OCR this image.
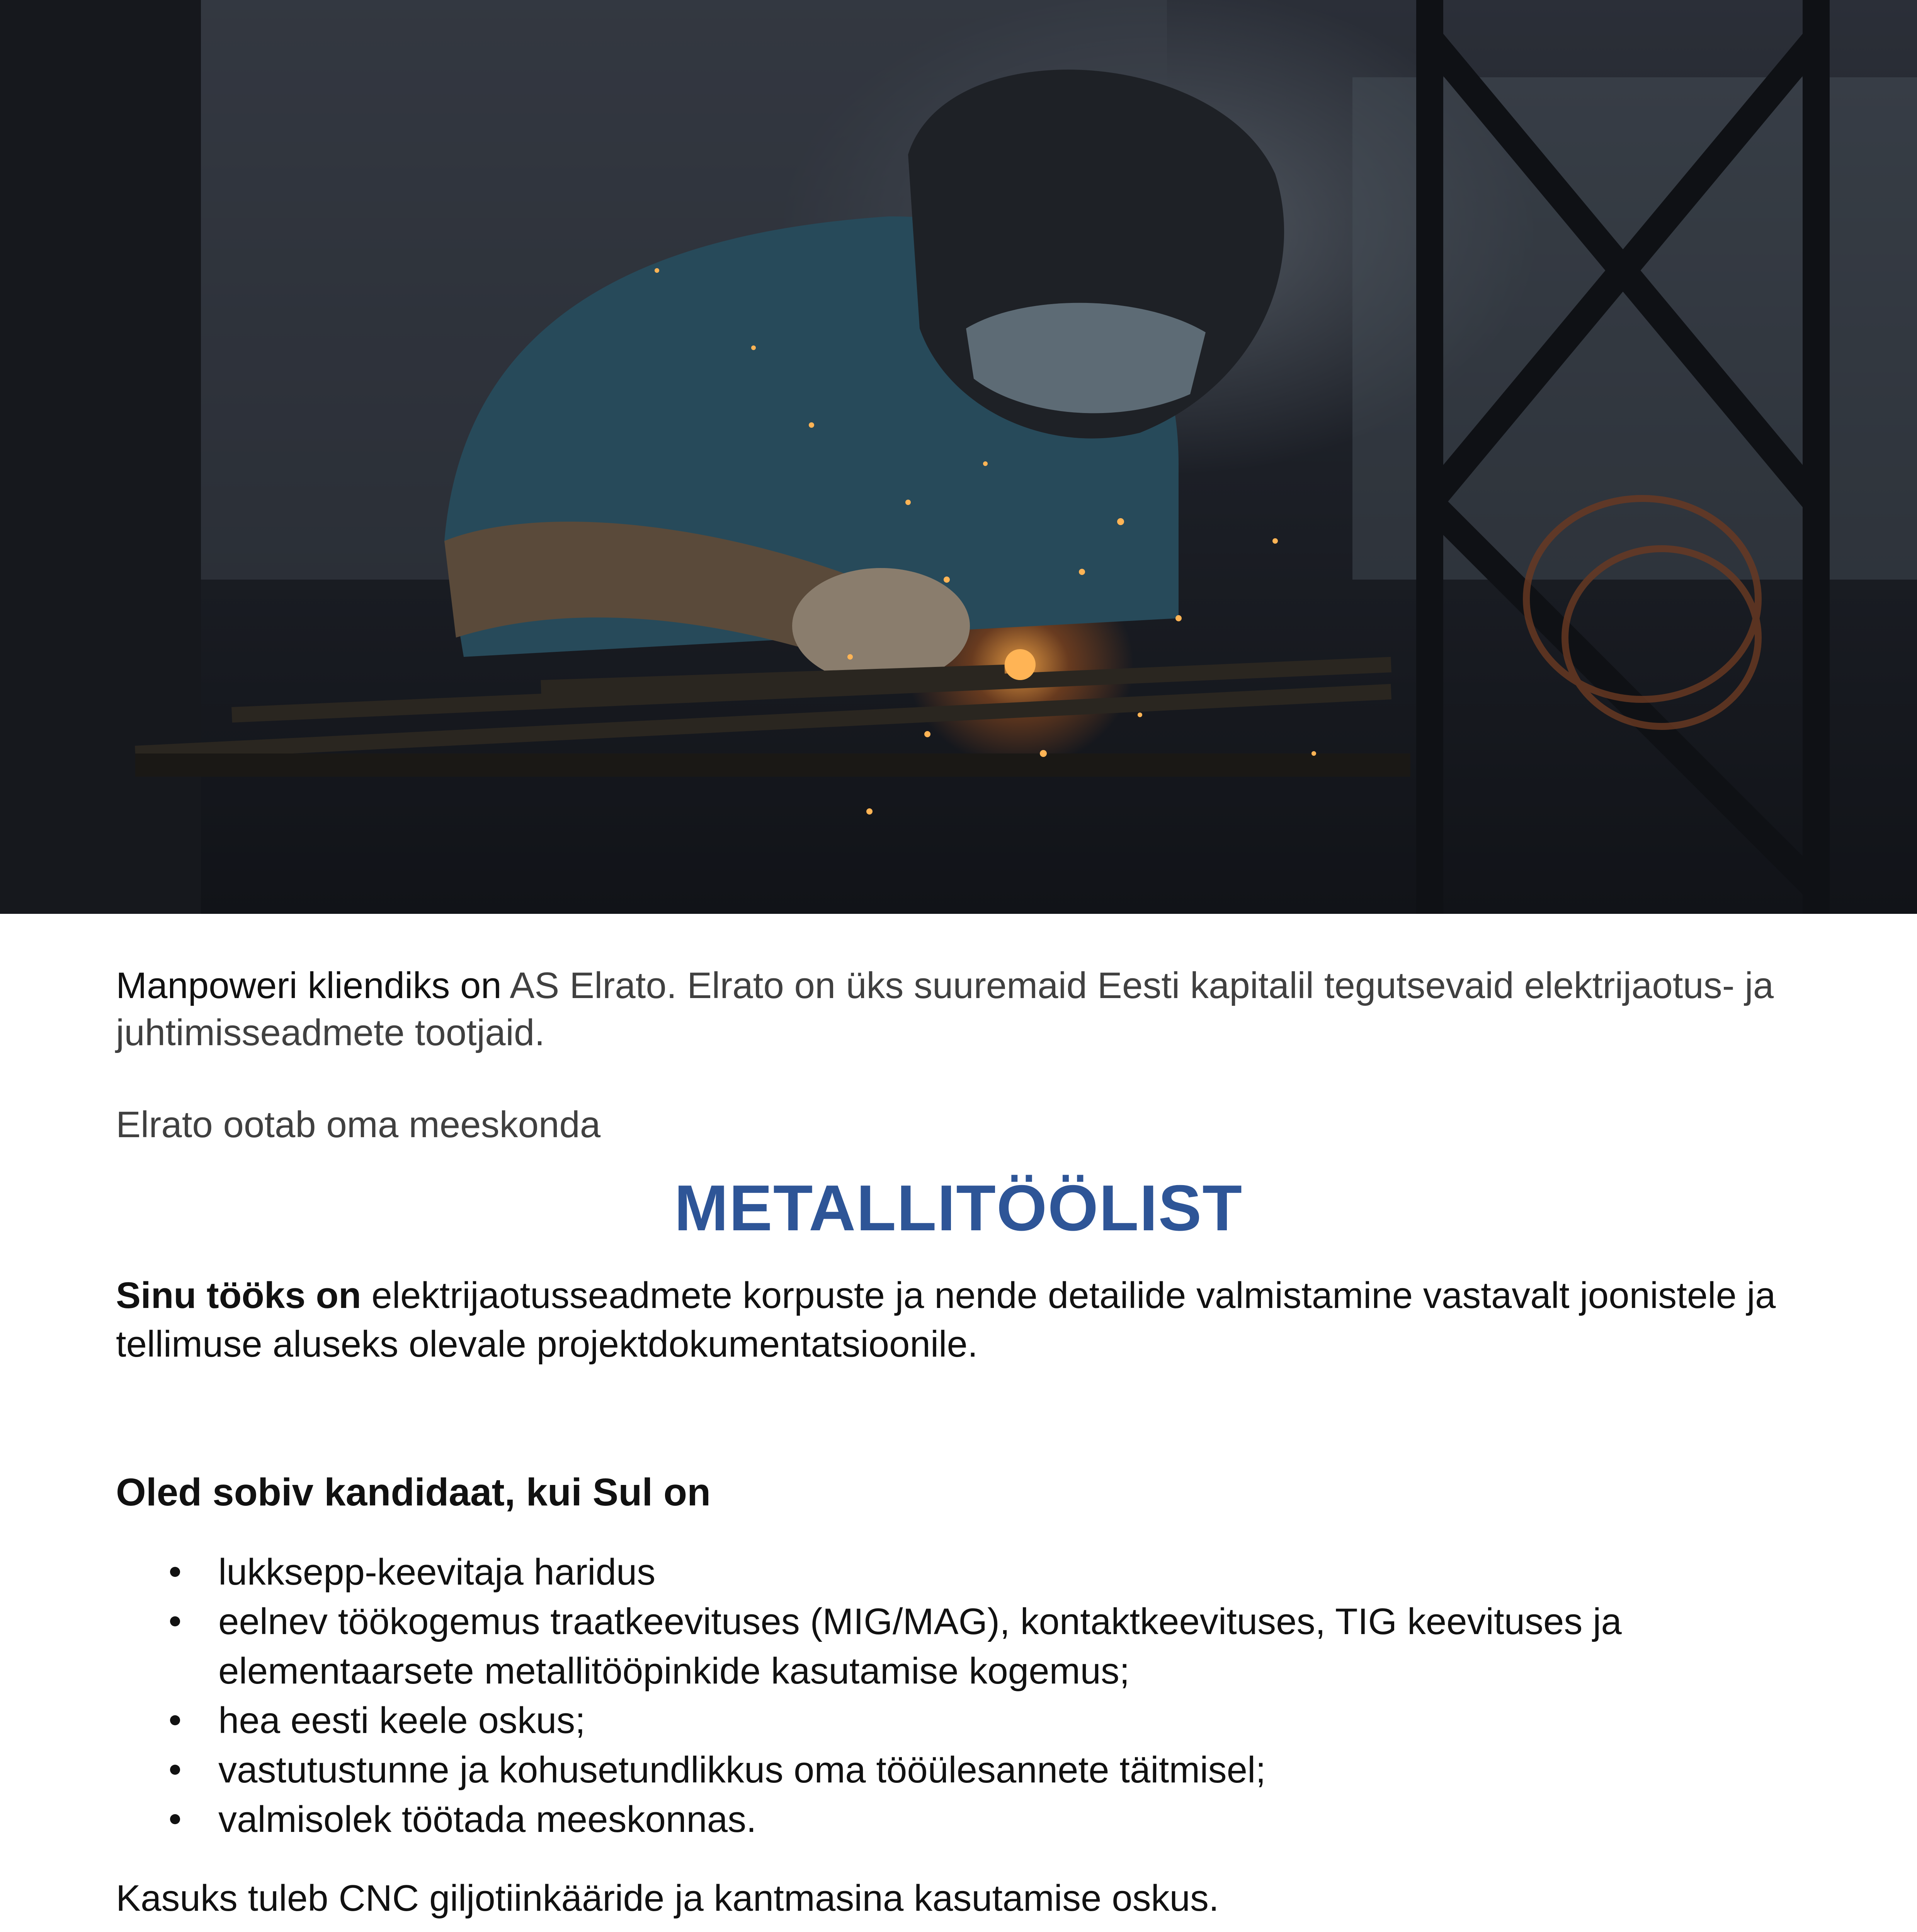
Manpoweri kliendiks on AS Elrato. Elrato on üks suuremaid Eesti kapitalil tegutsevaid elektrijaotus- ja juhtimisseadmete tootjaid.

Elrato ootab oma meeskonda

METALLITÖÖLIST

Sinu tööks on elektrijaotusseadmete korpuste ja nende detailide valmistamine vastavalt joonistele ja tellimuse aluseks olevale projektdokumentatsioonile.

Oled sobiv kandidaat, kui Sul on
lukksepp-keevitaja haridus
eelnev töökogemus traatkeevituses (MIG/MAG), kontaktkeevituses, TIG keevituses ja elementaarsete metallitööpinkide kasutamise kogemus;
hea eesti keele oskus;
vastutustunne ja kohusetundlikkus oma tööülesannete täitmisel;
valmisolek töötada meeskonnas.

Kasuks tuleb CNC giljotiinkääride ja kantmasina kasutamise oskus.
